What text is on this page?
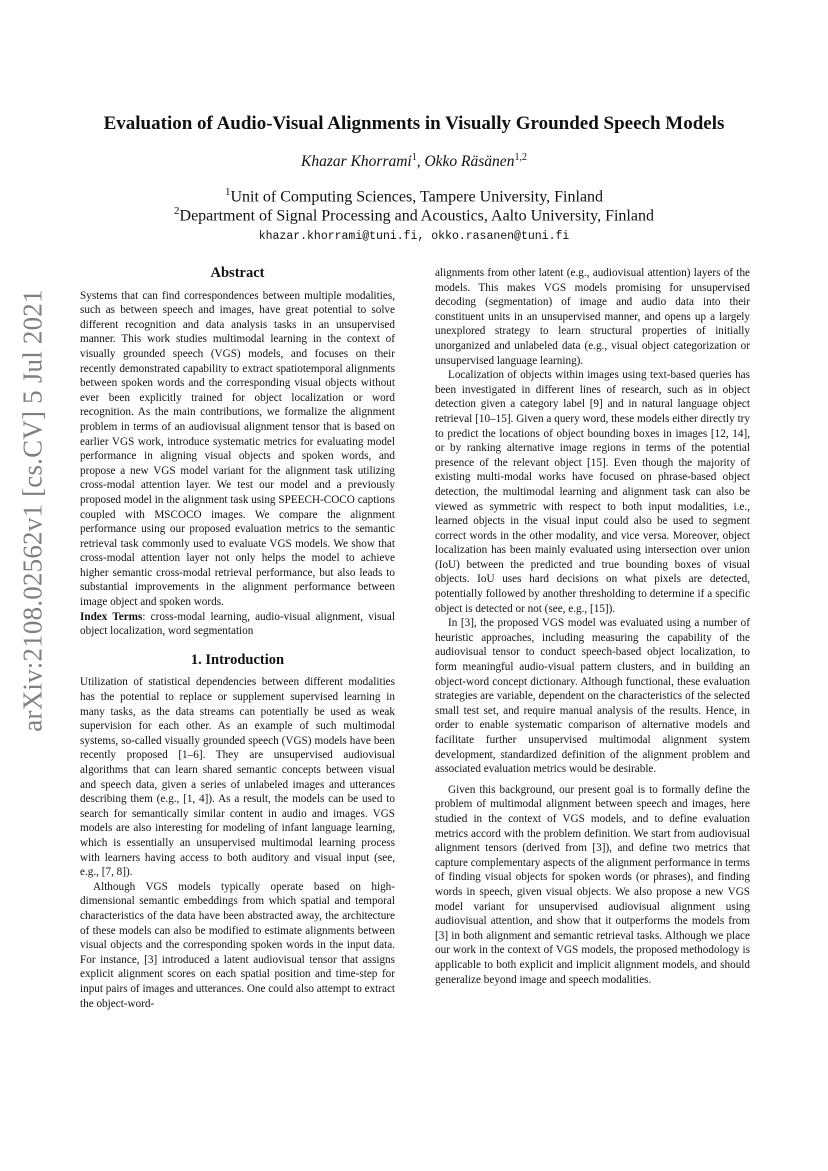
arXiv:2108.02562v1 [cs.CV] 5 Jul 2021
Evaluation of Audio-Visual Alignments in Visually Grounded Speech Models
Khazar Khorrami$^1$, Okko Räsänen$^{1,2}$
$^1$Unit of Computing Sciences, Tampere University, Finland
$^2$Department of Signal Processing and Acoustics, Aalto University, Finland
khazar.khorrami@tuni.fi, okko.rasanen@tuni.fi
Abstract

Systems that can find correspondences between multiple modalities, such as between speech and images, have great potential to solve different recognition and data analysis tasks in an unsupervised manner. This work studies multimodal learning in the context of visually grounded speech (VGS) models, and focuses on their recently demonstrated capability to extract spatiotemporal alignments between spoken words and the corresponding visual objects without ever been explicitly trained for object localization or word recognition. As the main contributions, we formalize the alignment problem in terms of an audiovisual alignment tensor that is based on earlier VGS work, introduce systematic metrics for evaluating model performance in aligning visual objects and spoken words, and propose a new VGS model variant for the alignment task utilizing cross-modal attention layer. We test our model and a previously proposed model in the alignment task using SPEECH-COCO captions coupled with MSCOCO images. We compare the alignment performance using our proposed evaluation metrics to the semantic retrieval task commonly used to evaluate VGS models. We show that cross-modal attention layer not only helps the model to achieve higher semantic cross-modal retrieval performance, but also leads to substantial improvements in the alignment performance between image object and spoken words.

Index Terms: cross-modal learning, audio-visual alignment, visual object localization, word segmentation

1. Introduction

Utilization of statistical dependencies between different modalities has the potential to replace or supplement supervised learning in many tasks, as the data streams can potentially be used as weak supervision for each other. As an example of such multimodal systems, so-called visually grounded speech (VGS) models have been recently proposed [1–6]. They are unsupervised audiovisual algorithms that can learn shared semantic concepts between visual and speech data, given a series of unlabeled images and utterances describing them (e.g., [1, 4]). As a result, the models can be used to search for semantically similar content in audio and images. VGS models are also interesting for modeling of infant language learning, which is essentially an unsupervised multimodal learning process with learners having access to both auditory and visual input (see, e.g., [7, 8]).

Although VGS models typically operate based on high-dimensional semantic embeddings from which spatial and temporal characteristics of the data have been abstracted away, the architecture of these models can also be modified to estimate alignments between visual objects and the corresponding spoken words in the input data. For instance, [3] introduced a latent audiovisual tensor that assigns explicit alignment scores on each spatial position and time-step for input pairs of images and utterances. One could also attempt to extract the object-word-

alignments from other latent (e.g., audiovisual attention) layers of the models. This makes VGS models promising for unsupervised decoding (segmentation) of image and audio data into their constituent units in an unsupervised manner, and opens up a largely unexplored strategy to learn structural properties of initially unorganized and unlabeled data (e.g., visual object categorization or unsupervised language learning).

Localization of objects within images using text-based queries has been investigated in different lines of research, such as in object detection given a category label [9] and in natural language object retrieval [10–15]. Given a query word, these models either directly try to predict the locations of object bounding boxes in images [12, 14], or by ranking alternative image regions in terms of the potential presence of the relevant object [15]. Even though the majority of existing multi-modal works have focused on phrase-based object detection, the multimodal learning and alignment task can also be viewed as symmetric with respect to both input modalities, i.e., learned objects in the visual input could also be used to segment correct words in the other modality, and vice versa. Moreover, object localization has been mainly evaluated using intersection over union (IoU) between the predicted and true bounding boxes of visual objects. IoU uses hard decisions on what pixels are detected, potentially followed by another thresholding to determine if a specific object is detected or not (see, e.g., [15]).

In [3], the proposed VGS model was evaluated using a number of heuristic approaches, including measuring the capability of the audiovisual tensor to conduct speech-based object localization, to form meaningful audio-visual pattern clusters, and in building an object-word concept dictionary. Although functional, these evaluation strategies are variable, dependent on the characteristics of the selected small test set, and require manual analysis of the results. Hence, in order to enable systematic comparison of alternative models and facilitate further unsupervised multimodal alignment system development, standardized definition of the alignment problem and associated evaluation metrics would be desirable.

Given this background, our present goal is to formally define the problem of multimodal alignment between speech and images, here studied in the context of VGS models, and to define evaluation metrics accord with the problem definition. We start from audiovisual alignment tensors (derived from [3]), and define two metrics that capture complementary aspects of the alignment performance in terms of finding visual objects for spoken words (or phrases), and finding words in speech, given visual objects. We also propose a new VGS model variant for unsupervised audiovisual alignment using audiovisual attention, and show that it outperforms the models from [3] in both alignment and semantic retrieval tasks. Although we place our work in the context of VGS models, the proposed methodology is applicable to both explicit and implicit alignment models, and should generalize beyond image and speech modalities.
